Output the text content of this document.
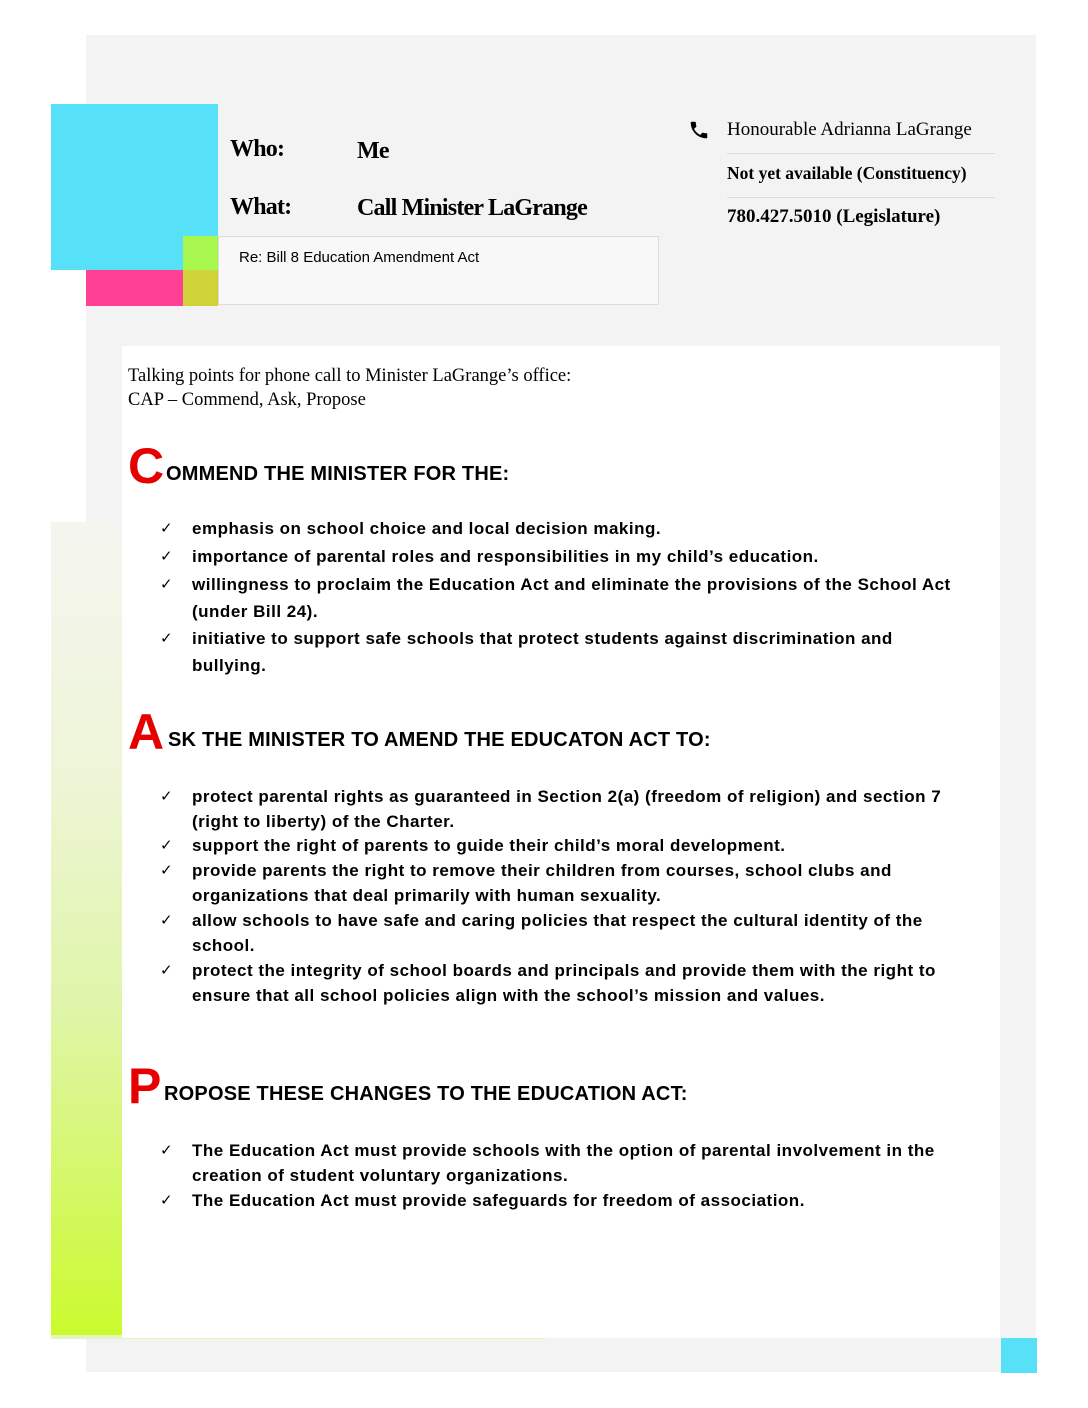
Who:	Me
What:	Call Minister LaGrange
Re: Bill 8 Education Amendment Act
Honourable Adrianna LaGrange
Not yet available (Constituency)
780.427.5010 (Legislature)
Talking points for phone call to Minister LaGrange’s office:
CAP – Commend, Ask, Propose
C OMMEND THE MINISTER FOR THE:
✓ emphasis on school choice and local decision making.
✓ importance of parental roles and responsibilities in my child’s education.
✓ willingness to proclaim the Education Act and eliminate the provisions of the School Act (under Bill 24).
✓ initiative to support safe schools that protect students against discrimination and bullying.
A SK THE MINISTER TO AMEND THE EDUCATON ACT TO:
✓ protect parental rights as guaranteed in Section 2(a) (freedom of religion) and section 7 (right to liberty) of the Charter.
✓ support the right of parents to guide their child’s moral development.
✓ provide parents the right to remove their children from courses, school clubs and organizations that deal primarily with human sexuality.
✓ allow schools to have safe and caring policies that respect the cultural identity of the school.
✓ protect the integrity of school boards and principals and provide them with the right to ensure that all school policies align with the school’s mission and values.
P ROPOSE THESE CHANGES TO THE EDUCATION ACT:
✓ The Education Act must provide schools with the option of parental involvement in the creation of student voluntary organizations.
✓ The Education Act must provide safeguards for freedom of association.
